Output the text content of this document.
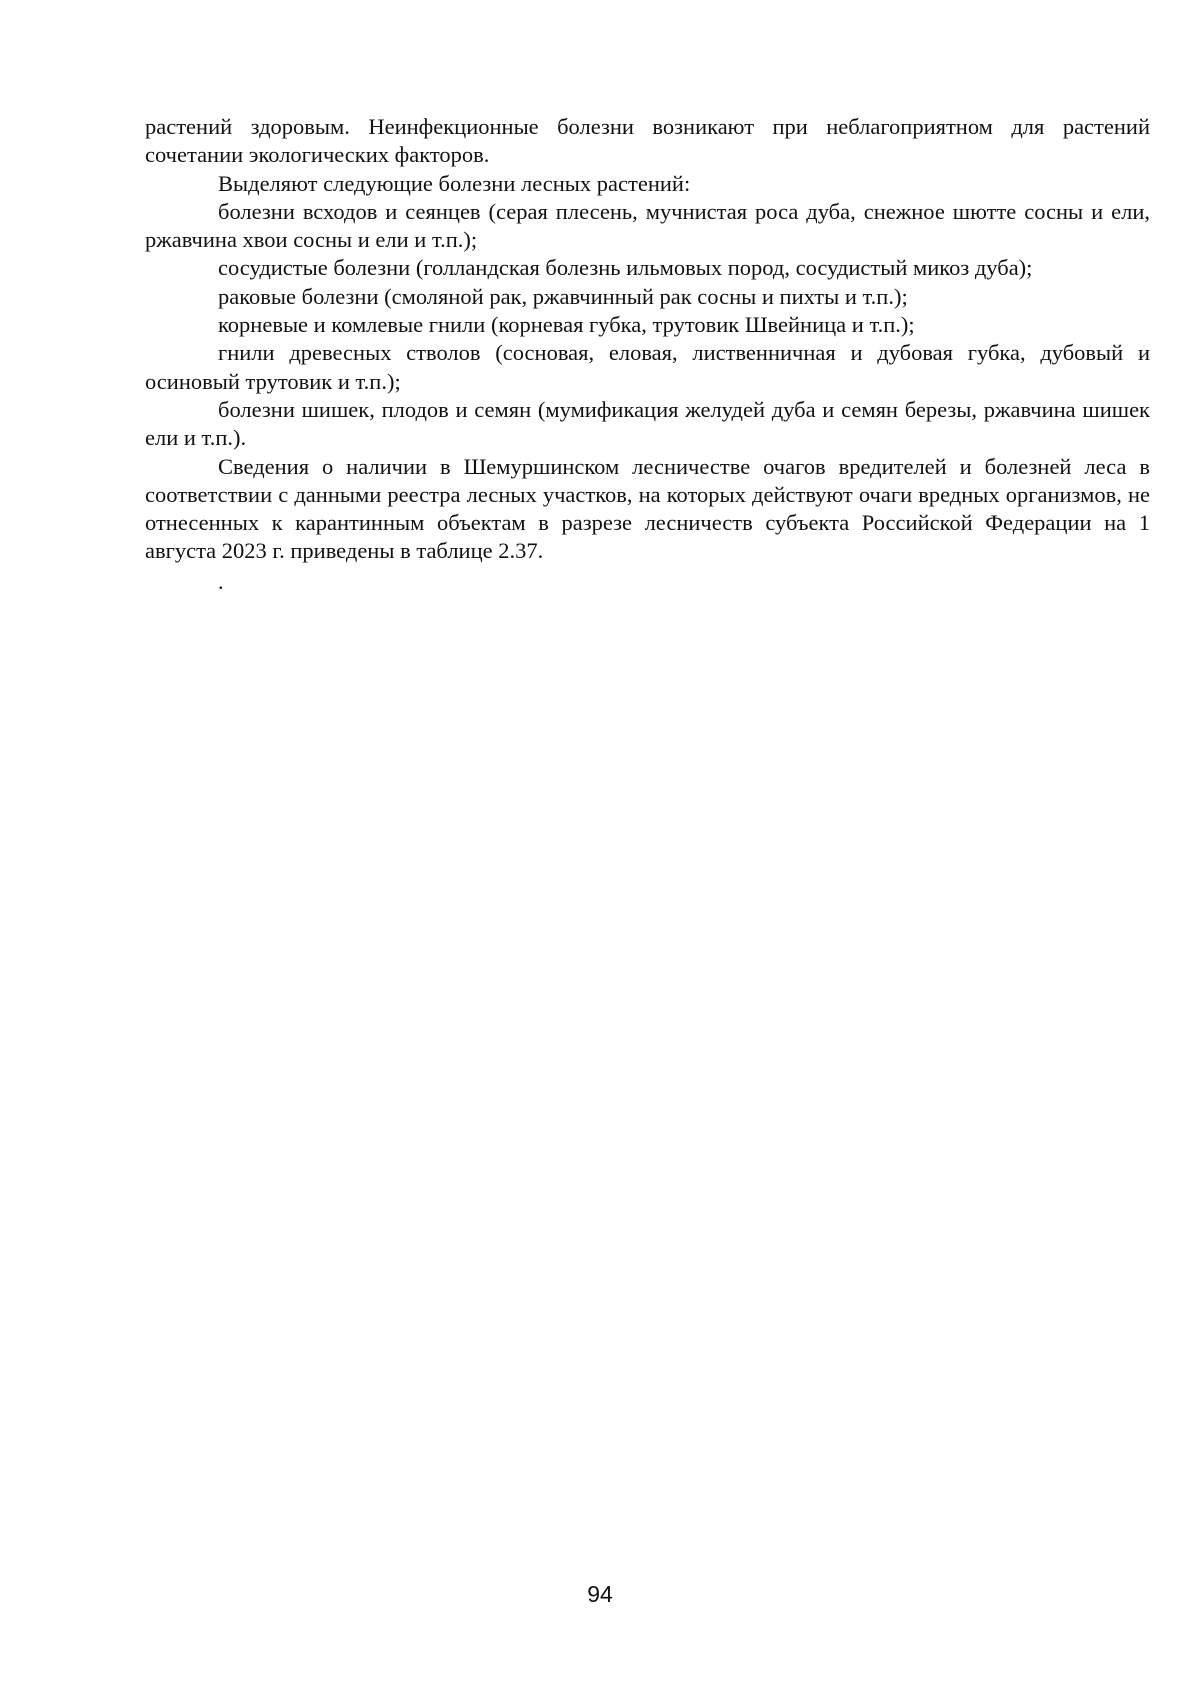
растений здоровым. Неинфекционные болезни возникают при неблагоприятном для растений сочетании экологических факторов.

Выделяют следующие болезни лесных растений:

болезни всходов и сеянцев (серая плесень, мучнистая роса дуба, снежное шютте сосны и ели, ржавчина хвои сосны и ели и т.п.);

сосудистые болезни (голландская болезнь ильмовых пород, сосудистый микоз дуба);

раковые болезни (смоляной рак, ржавчинный рак сосны и пихты и т.п.);

корневые и комлевые гнили (корневая губка, трутовик Швейница и т.п.);

гнили древесных стволов (сосновая, еловая, лиственничная и дубовая губка, дубовый и осиновый трутовик и т.п.);

болезни шишек, плодов и семян (мумификация желудей дуба и семян березы, ржавчина шишек ели и т.п.).

Сведения о наличии в Шемуршинском лесничестве очагов вредителей и болезней леса в соответствии с данными реестра лесных участков, на которых действуют очаги вредных организмов, не отнесенных к карантинным объектам в разрезе лесничеств субъекта Российской Федерации на 1 августа 2023 г. приведены в таблице 2.37.

.
94
